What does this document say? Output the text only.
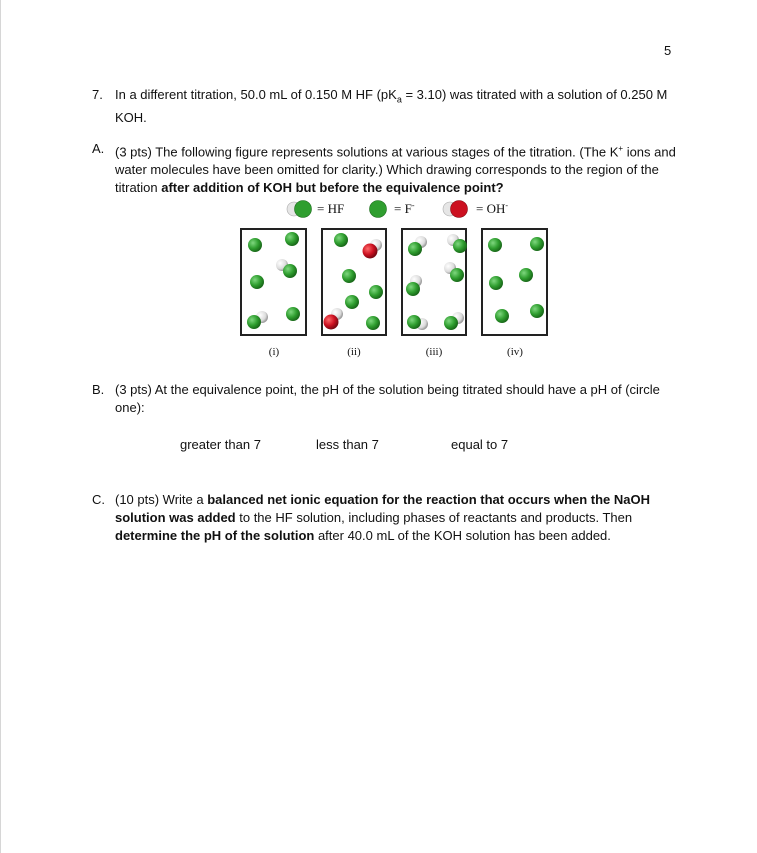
5
7. In a different titration, 50.0 mL of 0.150 M HF $(pK_a = 3.10)$ was titrated with a solution of 0.250 M KOH.
A. (3 pts) The following figure represents solutions at various stages of the titration. (The K+ ions and water molecules have been omitted for clarity.) Which drawing corresponds to the region of the titration after addition of KOH but before the equivalence point?
= HF	= F-	= OH-
(i)	(ii)	(iii)	(iv)
B. (3 pts) At the equivalence point, the pH of the solution being titrated should have a pH of (circle one):
greater than 7	less than 7	equal to 7
C. (10 pts) Write a balanced net ionic equation for the reaction that occurs when the NaOH solution was added to the HF solution, including phases of reactants and products. Then determine the pH of the solution after 40.0 mL of the KOH solution has been added.
